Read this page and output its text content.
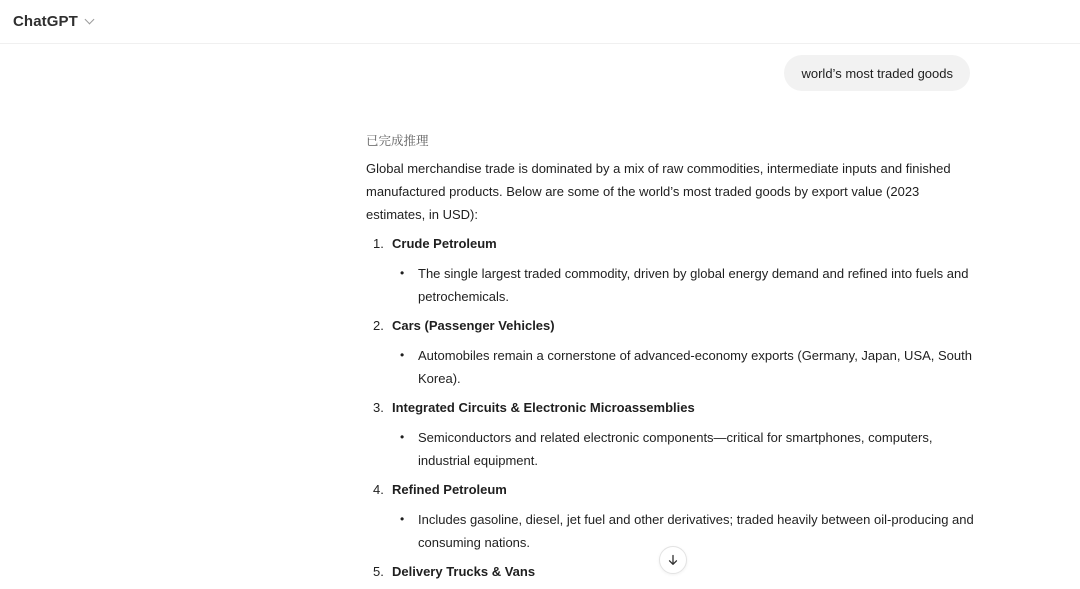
ChatGPT
world’s most traded goods
已完成推理

Global merchandise trade is dominated by a mix of raw commodities, intermediate inputs and finished manufactured products. Below are some of the world’s most traded goods by export value (2023 estimates, in USD):

1. Crude Petroleum
•	The single largest traded commodity, driven by global energy demand and refined into fuels and petrochemicals.
2. Cars (Passenger Vehicles)
•	Automobiles remain a cornerstone of advanced-economy exports (Germany, Japan, USA, South Korea).
3. Integrated Circuits & Electronic Microassemblies
•	Semiconductors and related electronic components—critical for smartphones, computers, industrial equipment.
4. Refined Petroleum
•	Includes gasoline, diesel, jet fuel and other derivatives; traded heavily between oil-producing and consuming nations.
5. Delivery Trucks & Vans
